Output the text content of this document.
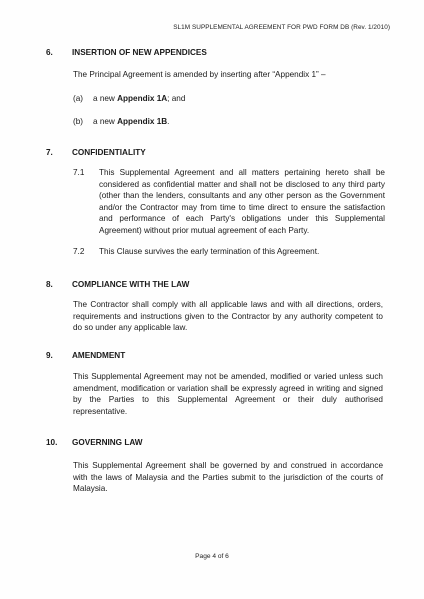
SL1M SUPPLEMENTAL AGREEMENT FOR PWD FORM DB (Rev. 1/2010)
6. INSERTION OF NEW APPENDICES
The Principal Agreement is amended by inserting after “Appendix 1” –
(a) a new Appendix 1A; and
(b) a new Appendix 1B.
7. CONFIDENTIALITY
7.1 This Supplemental Agreement and all matters pertaining hereto shall be considered as confidential matter and shall not be disclosed to any third party (other than the lenders, consultants and any other person as the Government and/or the Contractor may from time to time direct to ensure the satisfaction and performance of each Party's obligations under this Supplemental Agreement) without prior mutual agreement of each Party.
7.2 This Clause survives the early termination of this Agreement.
8. COMPLIANCE WITH THE LAW
The Contractor shall comply with all applicable laws and with all directions, orders, requirements and instructions given to the Contractor by any authority competent to do so under any applicable law.
9. AMENDMENT
This Supplemental Agreement may not be amended, modified or varied unless such amendment, modification or variation shall be expressly agreed in writing and signed by the Parties to this Supplemental Agreement or their duly authorised representative.
10. GOVERNING LAW
This Supplemental Agreement shall be governed by and construed in accordance with the laws of Malaysia and the Parties submit to the jurisdiction of the courts of Malaysia.
Page 4 of 6
